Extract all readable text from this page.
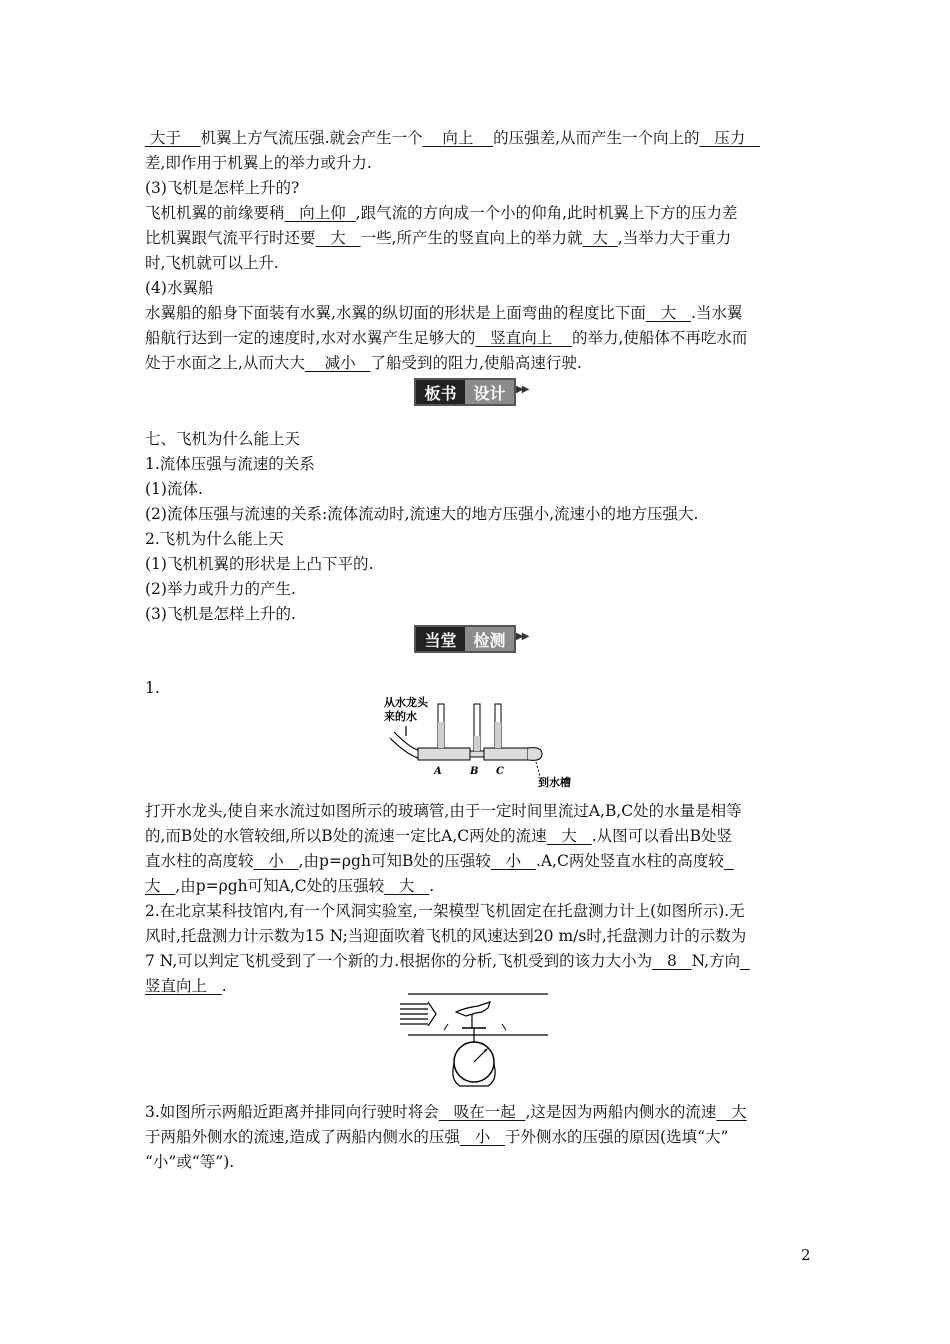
大于 机翼上方气流压强.就会产生一个 向上 的压强差,从而产生一个向上的 压力
差,即作用于机翼上的举力或升力.
(3)飞机是怎样上升的?
飞机机翼的前缘要稍 向上仰 ,跟气流的方向成一个小的仰角,此时机翼上下方的压力差
比机翼跟气流平行时还要 大 一些,所产生的竖直向上的举力就 大 ,当举力大于重力
时,飞机就可以上升.
(4)水翼船
水翼船的船身下面装有水翼,水翼的纵切面的形状是上面弯曲的程度比下面 大 .当水翼
船航行达到一定的速度时,水对水翼产生足够大的 竖直向上 的举力,使船体不再吃水而
处于水面之上,从而大大 减小 了船受到的阻力,使船高速行驶.
板书	设计	▶▶
七、飞机为什么能上天
1.流体压强与流速的关系
(1)流体.
(2)流体压强与流速的关系:流体流动时,流速大的地方压强小,流速小的地方压强大.
2.飞机为什么能上天
(1)飞机机翼的形状是上凸下平的.
(2)举力或升力的产生.
(3)飞机是怎样上升的.
当堂	检测	▶▶
1.
从水龙头
来的水
A	B C
到水槽
打开水龙头,使自来水流过如图所示的玻璃管,由于一定时间里流过A,B,C处的水量是相等
的,而B处的水管较细,所以B处的流速一定比A,C两处的流速 大 .从图可以看出B处竖
直水柱的高度较 小 ,由p=ρgh可知B处的压强较 小 .A,C两处竖直水柱的高度较
大 ,由p=ρgh可知A,C处的压强较 大 .
2.在北京某科技馆内,有一个风洞实验室,一架模型飞机固定在托盘测力计上(如图所示).无
风时,托盘测力计示数为15 N;当迎面吹着飞机的风速达到20 m/s时,托盘测力计的示数为
7 N,可以判定飞机受到了一个新的力.根据你的分析,飞机受到的该力大小为 8 N,方向
竖直向上 .
3.如图所示两船近距离并排同向行驶时将会 吸在一起 ,这是因为两船内侧水的流速 大
于两船外侧水的流速,造成了两船内侧水的压强 小 于外侧水的压强的原因(选填“大”
“小”或“等”).
2
